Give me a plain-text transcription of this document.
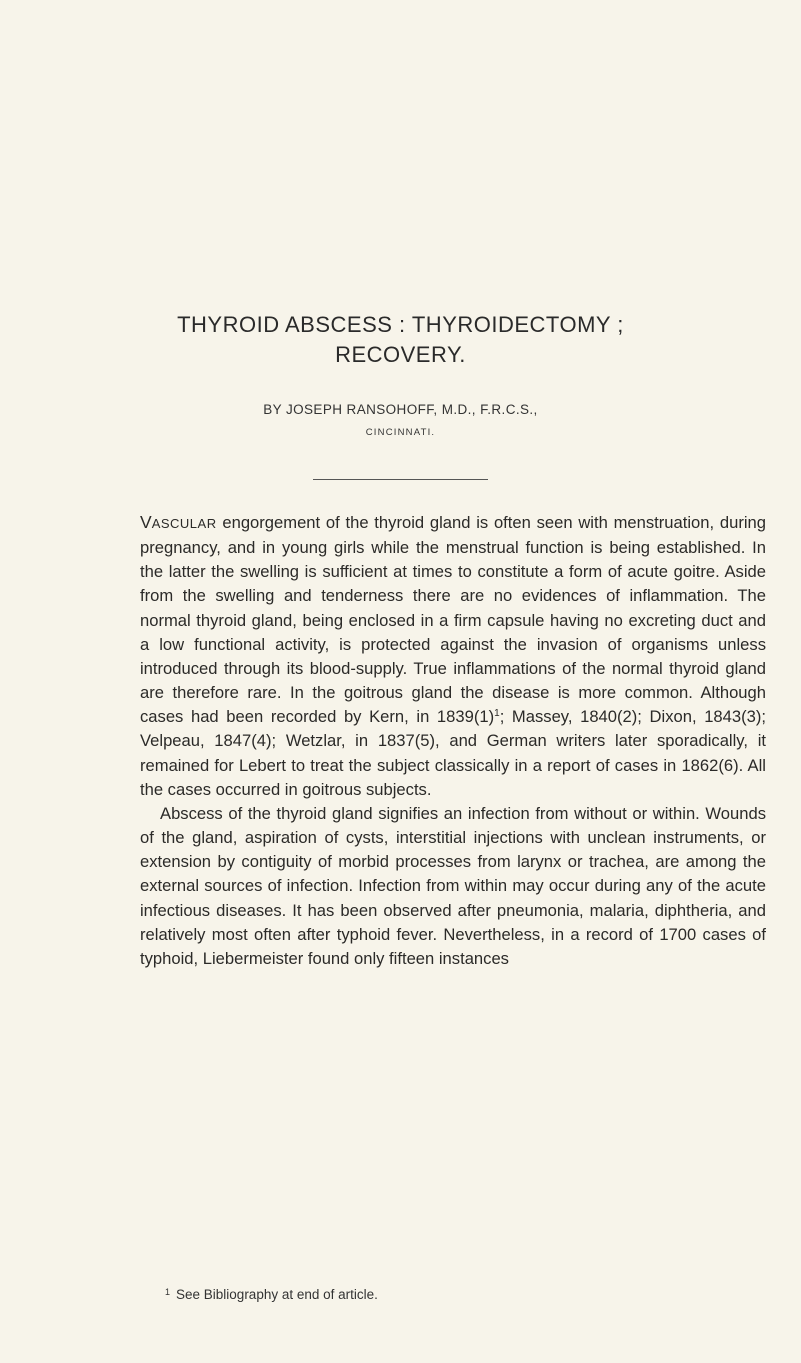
THYROID ABSCESS : THYROIDECTOMY ;
RECOVERY.
BY JOSEPH RANSOHOFF, M.D., F.R.C.S.,
CINCINNATI.

VASCULAR engorgement of the thyroid gland is often seen with menstruation, during pregnancy, and in young girls while the menstrual function is being established. In the latter the swelling is sufficient at times to constitute a form of acute goitre. Aside from the swelling and tenderness there are no evidences of inflammation. The normal thyroid gland, being enclosed in a firm capsule having no excreting duct and a low functional activity, is protected against the invasion of organisms unless introduced through its blood-supply. True inflammations of the normal thyroid gland are therefore rare. In the goitrous gland the disease is more common. Although cases had been recorded by Kern, in $1839(1)^1$; Massey, 1840(2); Dixon, 1843(3); Velpeau, 1847(4); Wetzlar, in 1837(5), and German writers later sporadically, it remained for Lebert to treat the subject classically in a report of cases in 1862(6). All the cases occurred in goitrous subjects.

Abscess of the thyroid gland signifies an infection from without or within. Wounds of the gland, aspiration of cysts, interstitial injections with unclean instruments, or extension by contiguity of morbid processes from larynx or trachea, are among the external sources of infection. Infection from within may occur during any of the acute infectious diseases. It has been observed after pneumonia, malaria, diphtheria, and relatively most often after typhoid fever. Nevertheless, in a record of 1700 cases of typhoid, Liebermeister found only fifteen instances

$^1$ See Bibliography at end of article.
